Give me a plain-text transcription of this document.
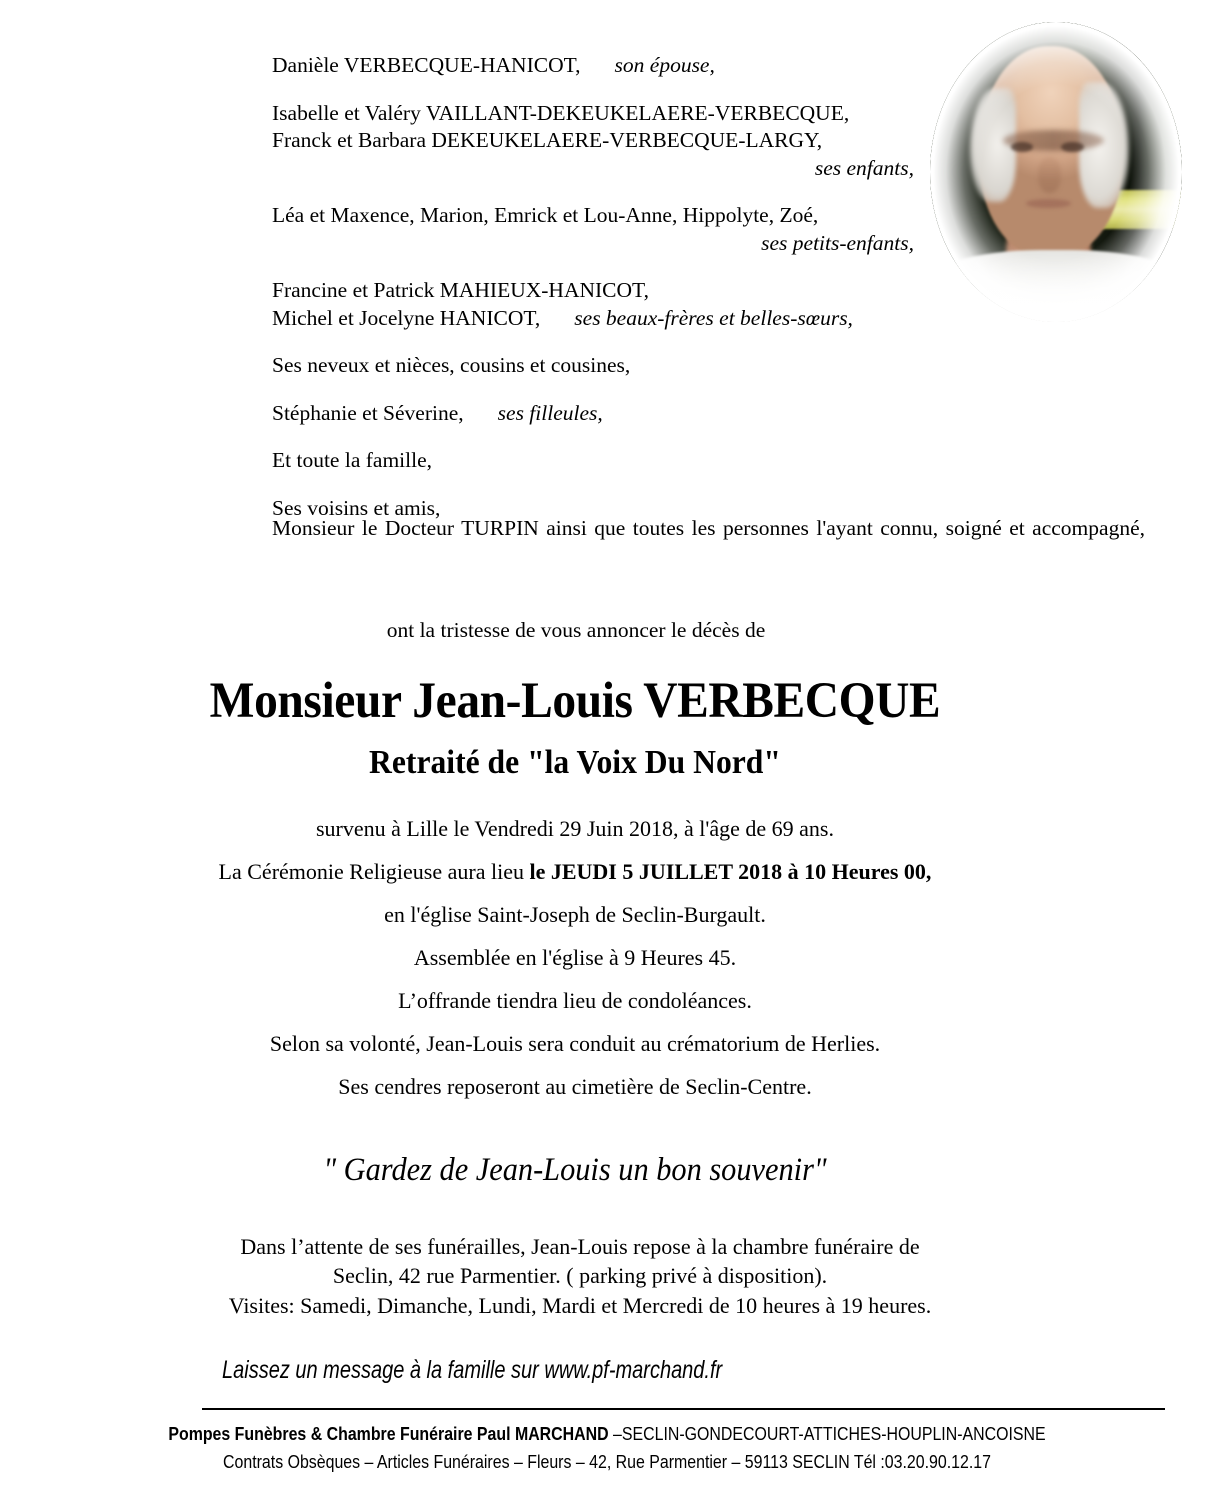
Danièle VERBECQUE-HANICOT, son épouse,
Isabelle et Valéry VAILLANT-DEKEUKELAERE-VERBECQUE,
Franck et Barbara DEKEUKELAERE-VERBECQUE-LARGY,
ses enfants,
Léa et Maxence, Marion, Emrick et Lou-Anne, Hippolyte, Zoé,
ses petits-enfants,
Francine et Patrick MAHIEUX-HANICOT,
Michel et Jocelyne HANICOT, ses beaux-frères et belles-sœurs,
Ses neveux et nièces, cousins et cousines,
Stéphanie et Séverine, ses filleules,
Et toute la famille,
Ses voisins et amis,
Monsieur le Docteur TURPIN ainsi que toutes les personnes l'ayant connu, soigné et accompagné,
ont la tristesse de vous annoncer le décès de
Monsieur Jean-Louis VERBECQUE
Retraité de "la Voix Du Nord"
survenu à Lille le Vendredi 29 Juin 2018, à l'âge de 69 ans.
La Cérémonie Religieuse aura lieu le JEUDI 5 JUILLET 2018 à 10 Heures 00,
en l'église Saint-Joseph de Seclin-Burgault.
Assemblée en l'église à 9 Heures 45.
L’offrande tiendra lieu de condoléances.
Selon sa volonté, Jean-Louis sera conduit au crématorium de Herlies.
Ses cendres reposeront au cimetière de Seclin-Centre.
" Gardez de Jean-Louis un bon souvenir"
Dans l’attente de ses funérailles, Jean-Louis repose à la chambre funéraire de
Seclin, 42 rue Parmentier. ( parking privé à disposition).
Visites: Samedi, Dimanche, Lundi, Mardi et Mercredi de 10 heures à 19 heures.
Laissez un message à la famille sur www.pf-marchand.fr
Pompes Funèbres & Chambre Funéraire Paul MARCHAND –SECLIN-GONDECOURT-ATTICHES-HOUPLIN-ANCOISNE
Contrats Obsèques – Articles Funéraires – Fleurs – 42, Rue Parmentier – 59113 SECLIN Tél :03.20.90.12.17
